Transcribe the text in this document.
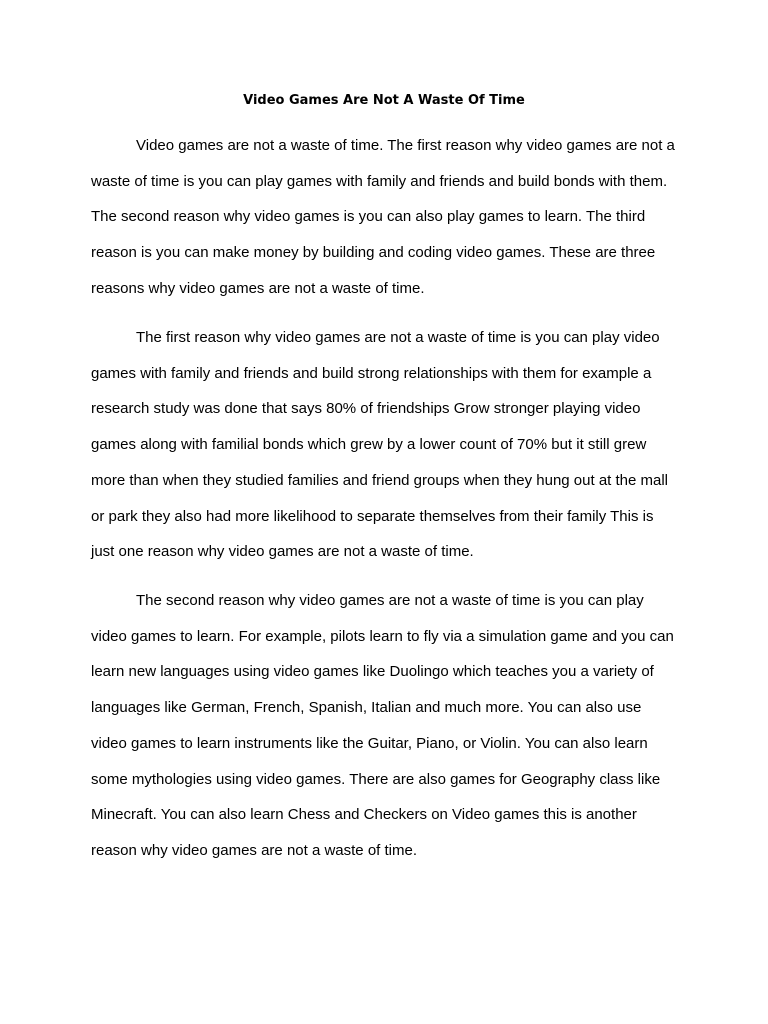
Video Games Are Not A Waste Of Time

Video games are not a waste of time. The first reason why video games are not a
waste of time is you can play games with family and friends and build bonds with them.
The second reason why video games is you can also play games to learn. The third
reason is you can make money by building and coding video games. These are three
reasons why video games are not a waste of time.

The first reason why video games are not a waste of time is you can play video
games with family and friends and build strong relationships with them for example a
research study was done that says 80% of friendships Grow stronger playing video
games along with familial bonds which grew by a lower count of 70% but it still grew
more than when they studied families and friend groups when they hung out at the mall
or park they also had more likelihood to separate themselves from their family This is
just one reason why video games are not a waste of time.

The second reason why video games are not a waste of time is you can play
video games to learn. For example, pilots learn to fly via a simulation game and you can
learn new languages using video games like Duolingo which teaches you a variety of
languages like German, French, Spanish, Italian and much more. You can also use
video games to learn instruments like the Guitar, Piano, or Violin. You can also learn
some mythologies using video games. There are also games for Geography class like
Minecraft. You can also learn Chess and Checkers on Video games this is another
reason why video games are not a waste of time.
